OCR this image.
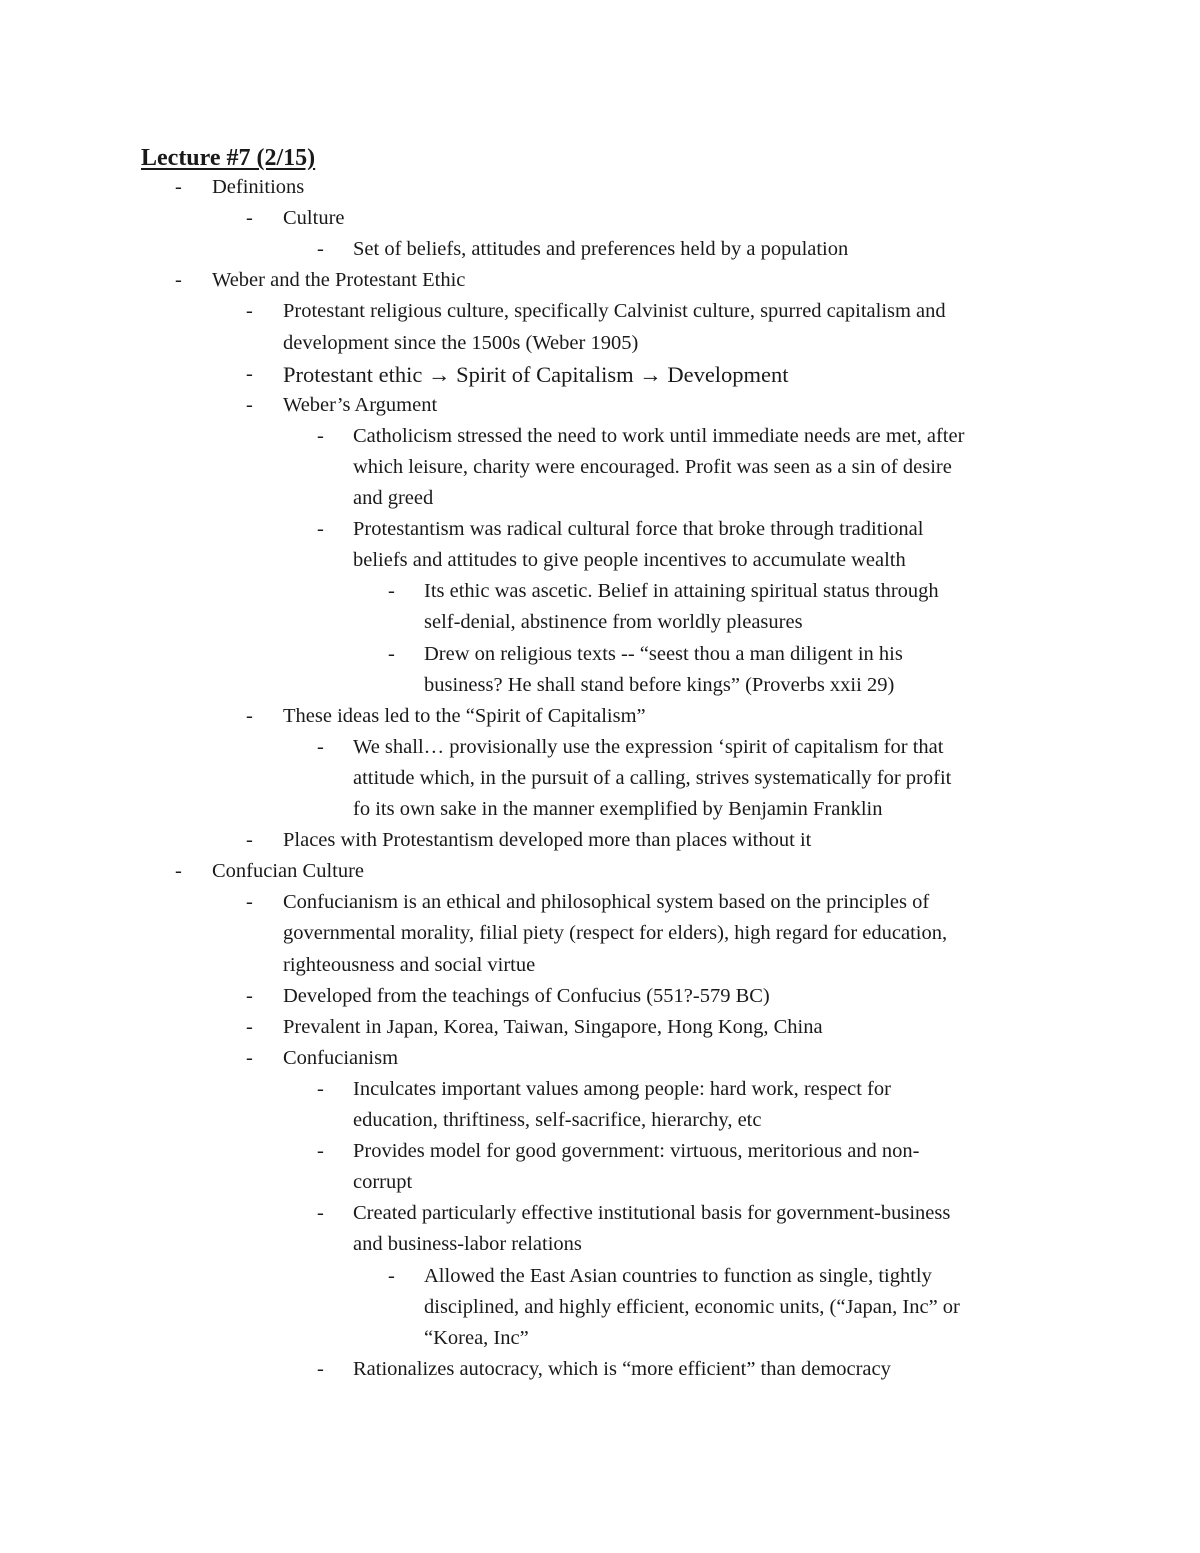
Lecture #7 (2/15)
- Definitions
- Culture
- Set of beliefs, attitudes and preferences held by a population
- Weber and the Protestant Ethic
- Protestant religious culture, specifically Calvinist culture, spurred capitalism and
development since the 1500s (Weber 1905)
- Protestant ethic → Spirit of Capitalism → Development
- Weber’s Argument
- Catholicism stressed the need to work until immediate needs are met, after
which leisure, charity were encouraged. Profit was seen as a sin of desire
and greed
- Protestantism was radical cultural force that broke through traditional
beliefs and attitudes to give people incentives to accumulate wealth
- Its ethic was ascetic. Belief in attaining spiritual status through
self-denial, abstinence from worldly pleasures
- Drew on religious texts -- “seest thou a man diligent in his
business? He shall stand before kings” (Proverbs xxii 29)
- These ideas led to the “Spirit of Capitalism”
- We shall… provisionally use the expression ‘spirit of capitalism for that
attitude which, in the pursuit of a calling, strives systematically for profit
fo its own sake in the manner exemplified by Benjamin Franklin
- Places with Protestantism developed more than places without it
- Confucian Culture
- Confucianism is an ethical and philosophical system based on the principles of
governmental morality, filial piety (respect for elders), high regard for education,
righteousness and social virtue
- Developed from the teachings of Confucius (551?-579 BC)
- Prevalent in Japan, Korea, Taiwan, Singapore, Hong Kong, China
- Confucianism
- Inculcates important values among people: hard work, respect for
education, thriftiness, self-sacrifice, hierarchy, etc
- Provides model for good government: virtuous, meritorious and non-
corrupt
- Created particularly effective institutional basis for government-business
and business-labor relations
- Allowed the East Asian countries to function as single, tightly
disciplined, and highly efficient, economic units, (“Japan, Inc” or
“Korea, Inc”
- Rationalizes autocracy, which is “more efficient” than democracy
